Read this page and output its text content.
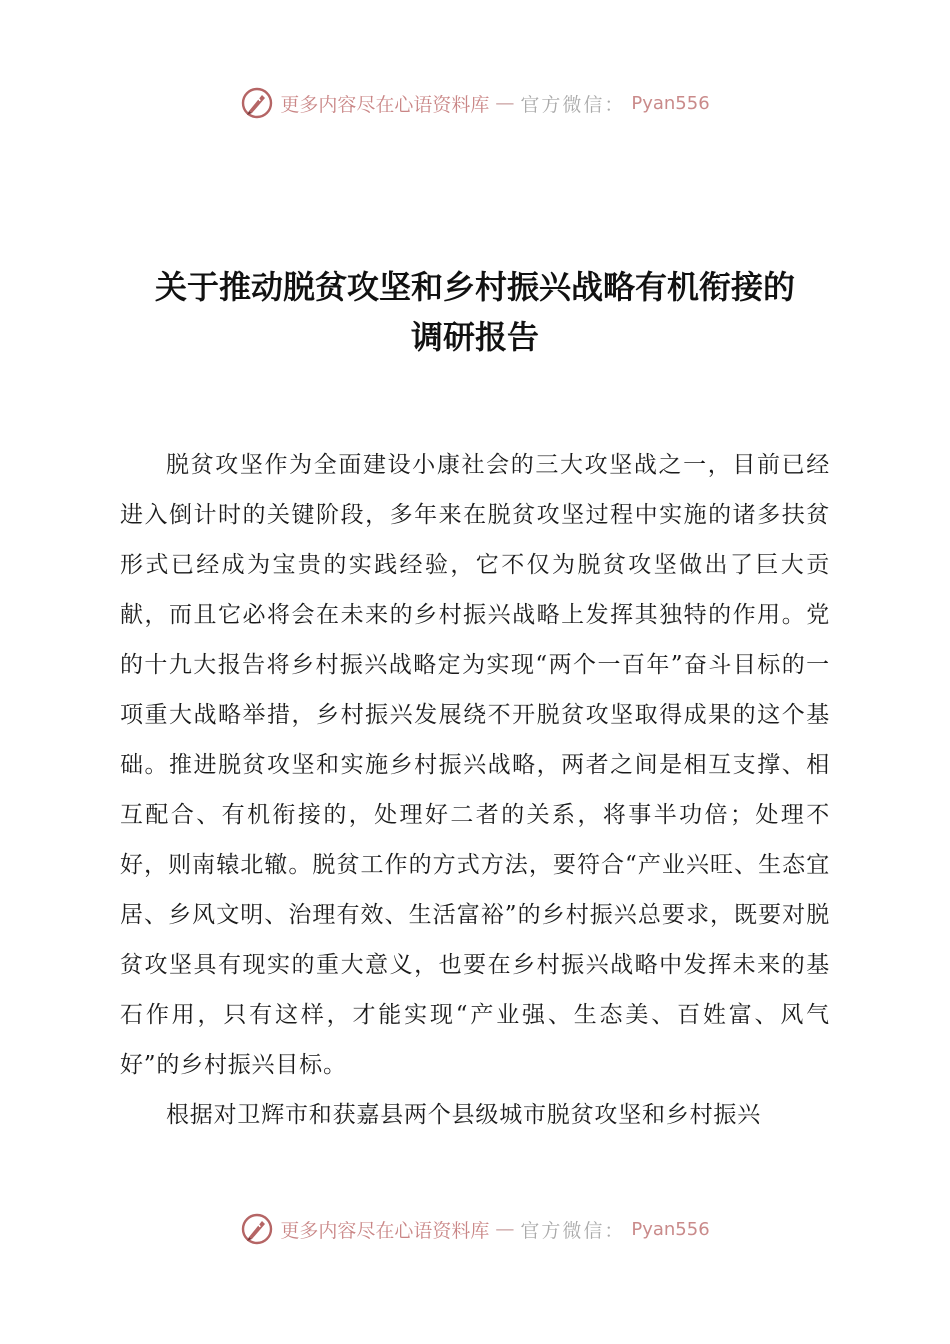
更多内容尽在心语资料库 — 官方微信： Pyan556
关于推动脱贫攻坚和乡村振兴战略有机衔接的
调研报告

脱贫攻坚作为全面建设小康社会的三大攻坚战之一，目前已经进入倒计时的关键阶段，多年来在脱贫攻坚过程中实施的诸多扶贫形式已经成为宝贵的实践经验，它不仅为脱贫攻坚做出了巨大贡献，而且它必将会在未来的乡村振兴战略上发挥其独特的作用。党的十九大报告将乡村振兴战略定为实现“两个一百年”奋斗目标的一项重大战略举措，乡村振兴发展绕不开脱贫攻坚取得成果的这个基础。推进脱贫攻坚和实施乡村振兴战略，两者之间是相互支撑、相互配合、有机衔接的，处理好二者的关系，将事半功倍；处理不好，则南辕北辙。脱贫工作的方式方法，要符合“产业兴旺、生态宜居、乡风文明、治理有效、生活富裕”的乡村振兴总要求，既要对脱贫攻坚具有现实的重大意义，也要在乡村振兴战略中发挥未来的基石作用，只有这样，才能实现“产业强、生态美、百姓富、风气好”的乡村振兴目标。

根据对卫辉市和获嘉县两个县级城市脱贫攻坚和乡村振兴

更多内容尽在心语资料库 — 官方微信： Pyan556
